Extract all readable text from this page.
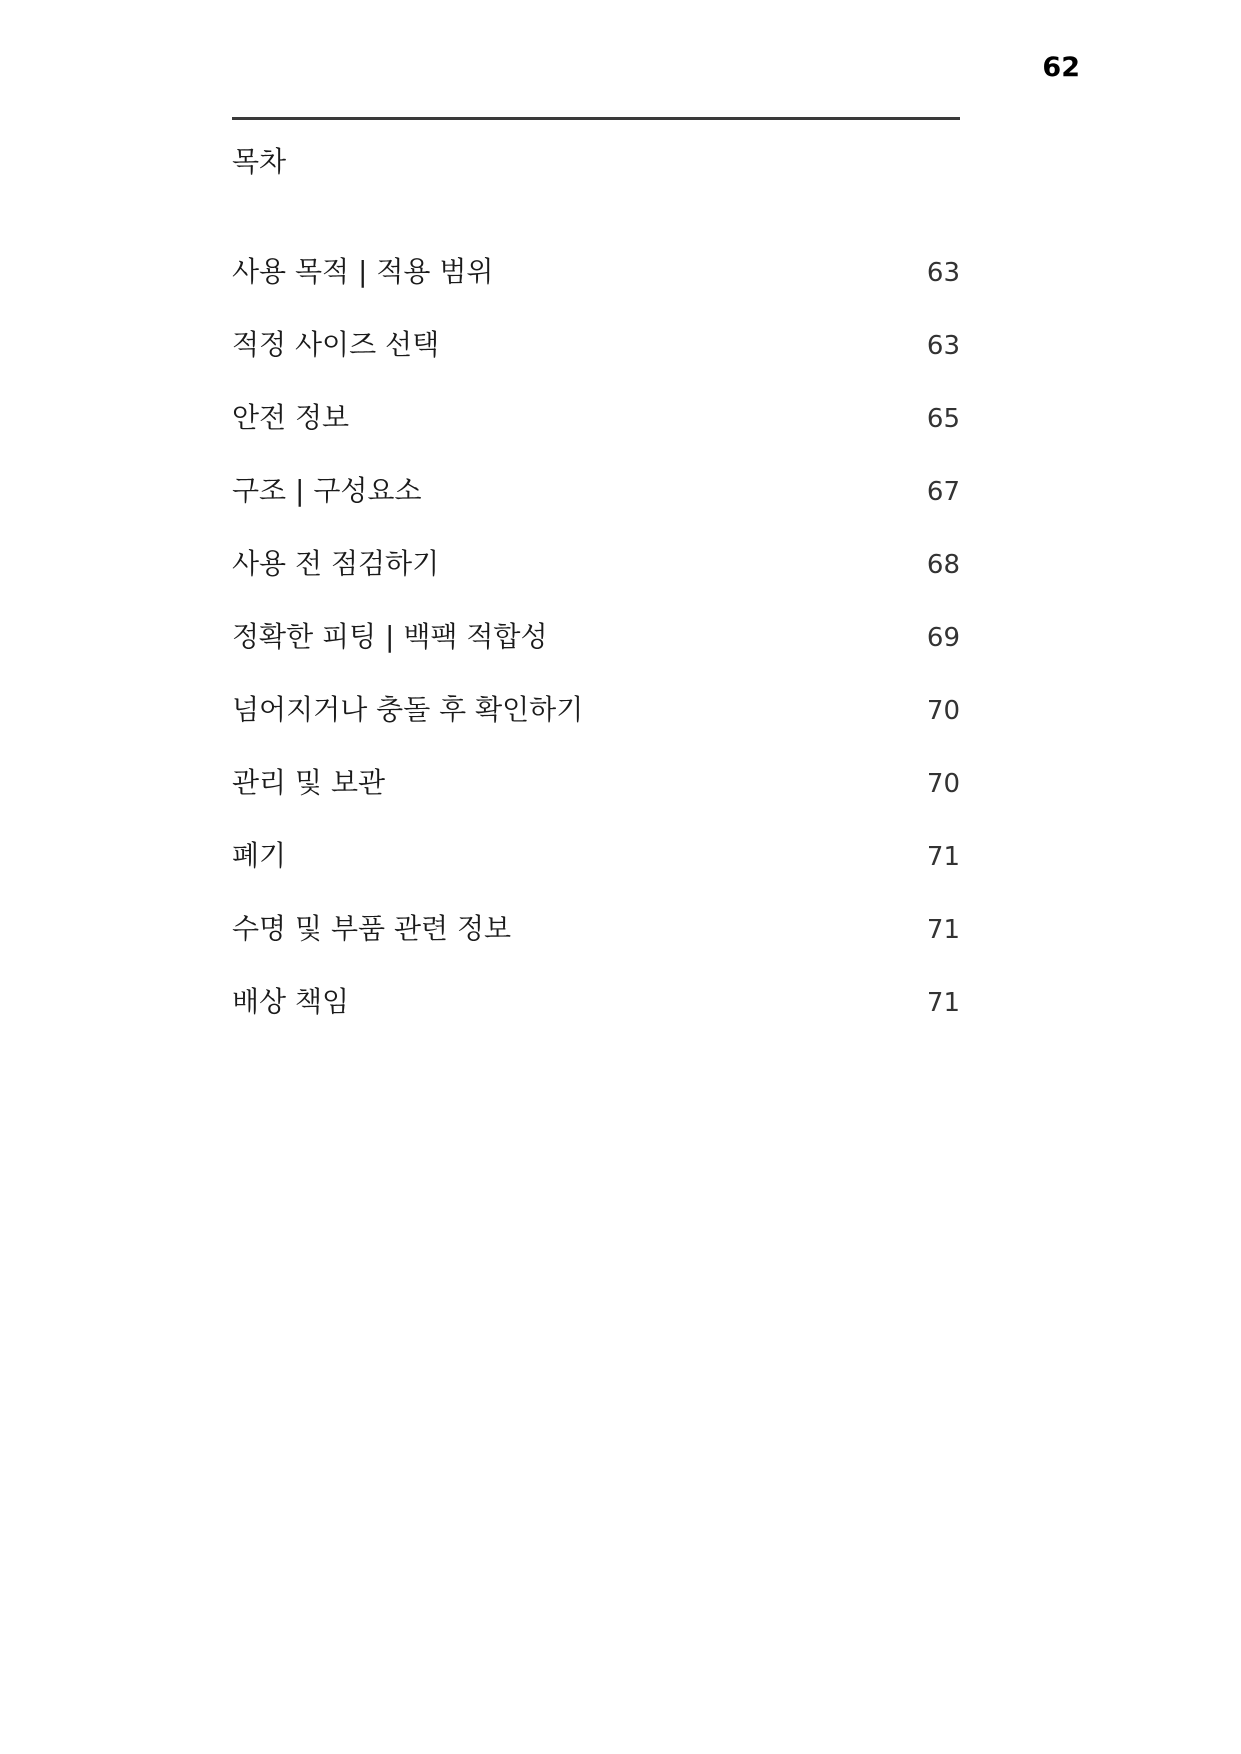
62
목차
사용 목적 | 적용 범위	63
적정 사이즈 선택	63
안전 정보	65
구조 | 구성요소	67
사용 전 점검하기	68
정확한 피팅 | 백팩 적합성	69
넘어지거나 충돌 후 확인하기	70
관리 및 보관	70
폐기	71
수명 및 부품 관련 정보	71
배상 책임	71
